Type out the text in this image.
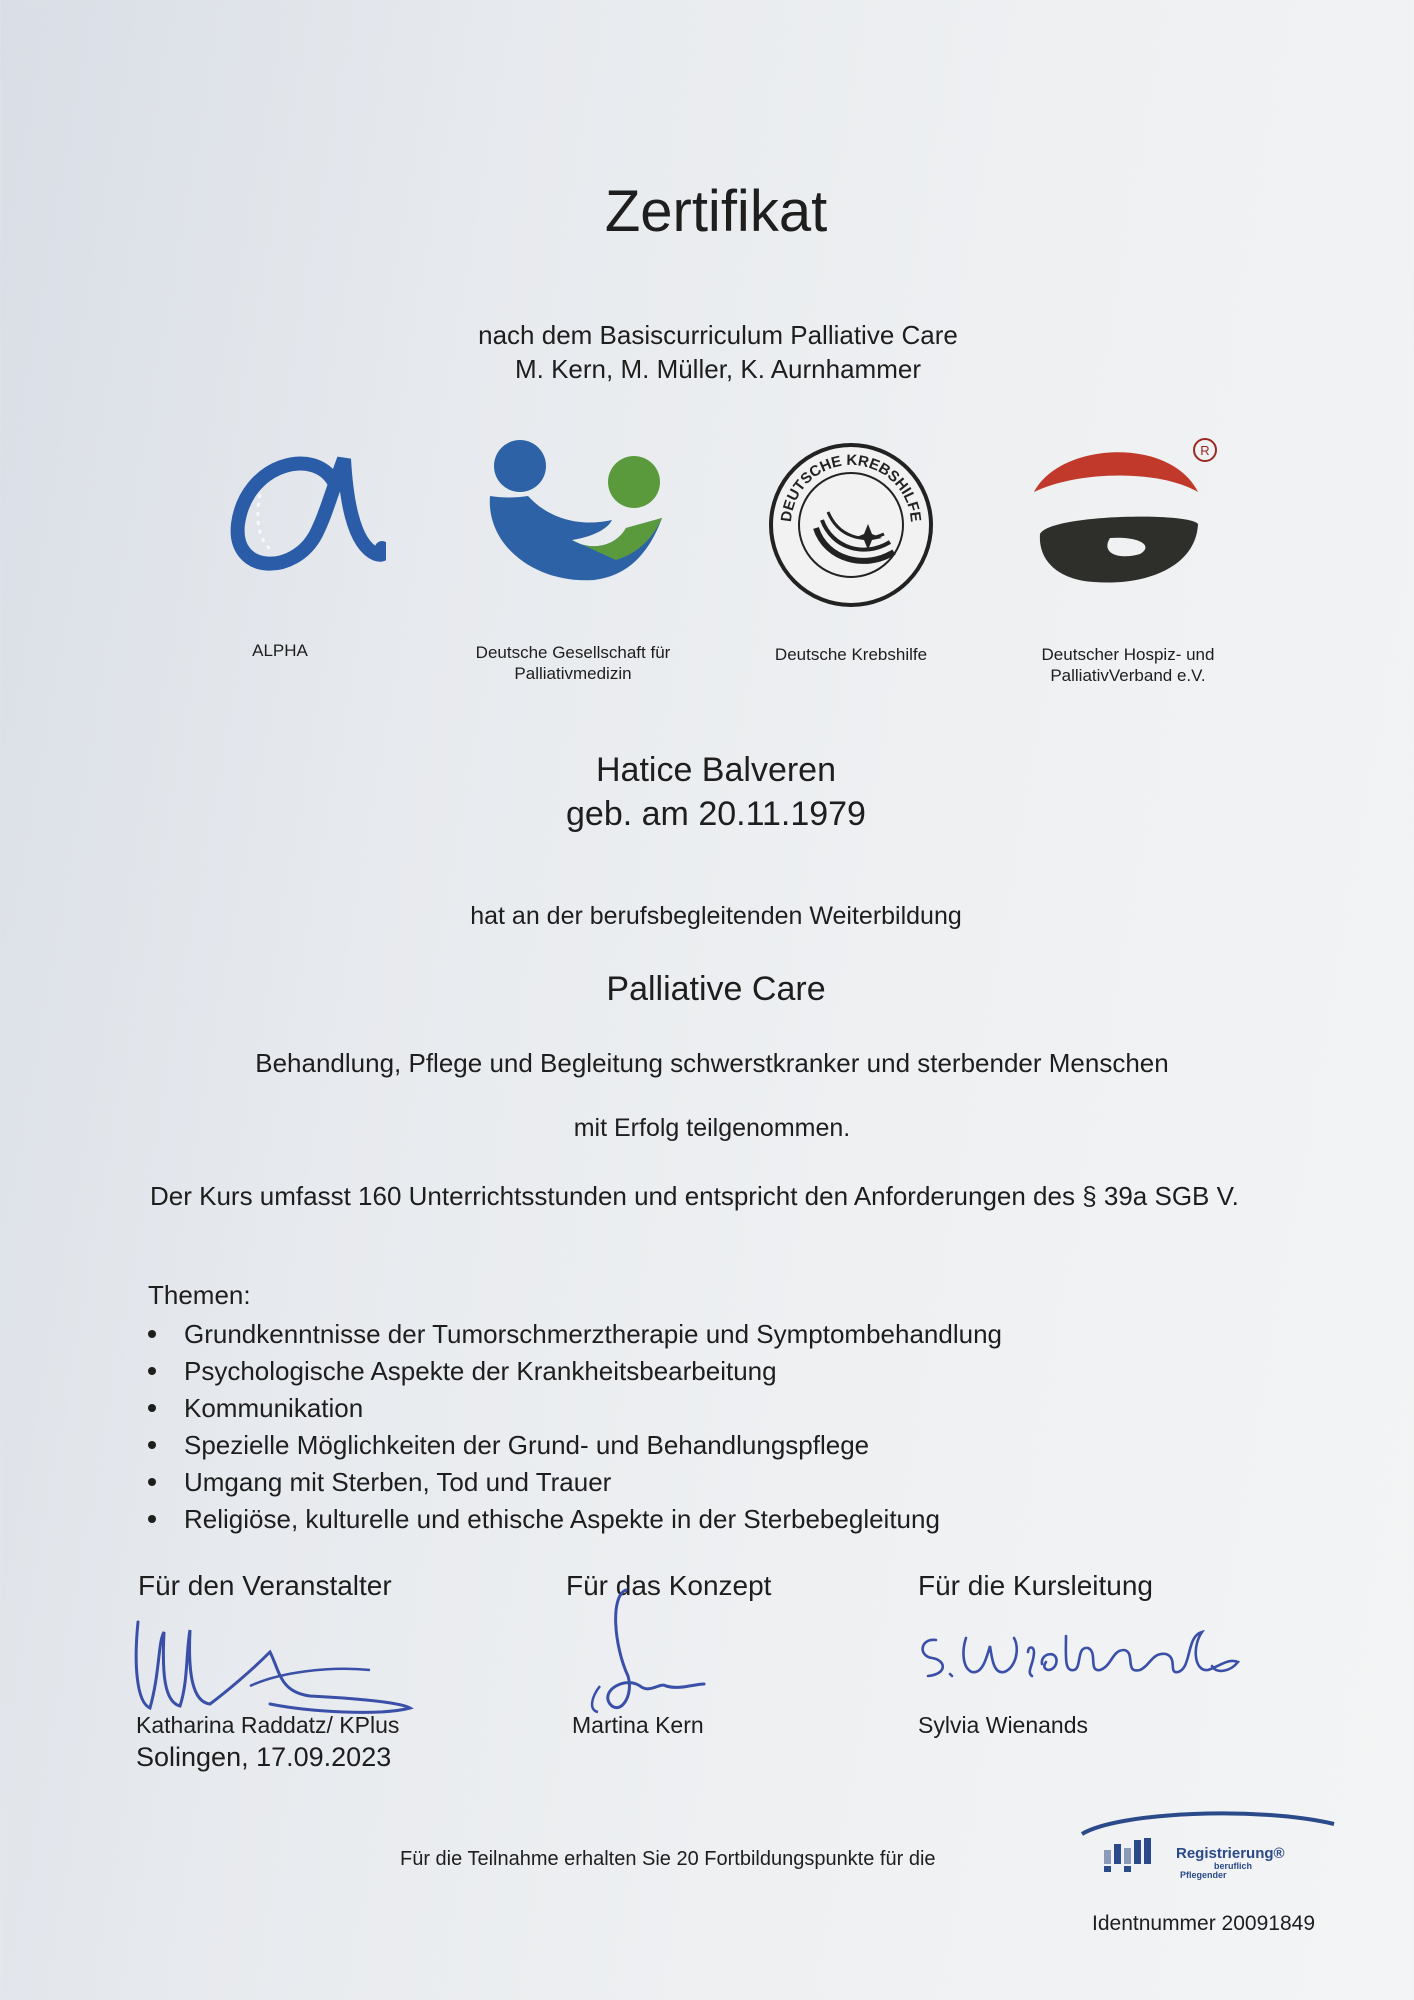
Zertifikat
nach dem Basiscurriculum Palliative Care
M. Kern, M. Müller, K. Aurnhammer
ALPHA	Deutsche Gesellschaft für Palliativmedizin
DEUTSCHE KREBSHILFE
Deutsche Krebshilfe
R
Deutscher Hospiz- und PalliativVerband e.V.
Hatice Balveren
geb. am 20.11.1979
hat an der berufsbegleitenden Weiterbildung
Palliative Care
Behandlung, Pflege und Begleitung schwerstkranker und sterbender Menschen
mit Erfolg teilgenommen.
Der Kurs umfasst 160 Unterrichtsstunden und entspricht den Anforderungen des § 39a SGB V.
Themen:
Grundkenntnisse der Tumorschmerztherapie und Symptombehandlung
Psychologische Aspekte der Krankheitsbearbeitung
Kommunikation
Spezielle Möglichkeiten der Grund- und Behandlungspflege
Umgang mit Sterben, Tod und Trauer
Religiöse, kulturelle und ethische Aspekte in der Sterbebegleitung
Für den Veranstalter	Für das Konzept	Für die Kursleitung
Katharina Raddatz/ KPlus	Martina Kern	Sylvia Wienands
Solingen, 17.09.2023
Für die Teilnahme erhalten Sie 20 Fortbildungspunkte für die	Registrierung®
beruflich
Pflegender
Identnummer 20091849
